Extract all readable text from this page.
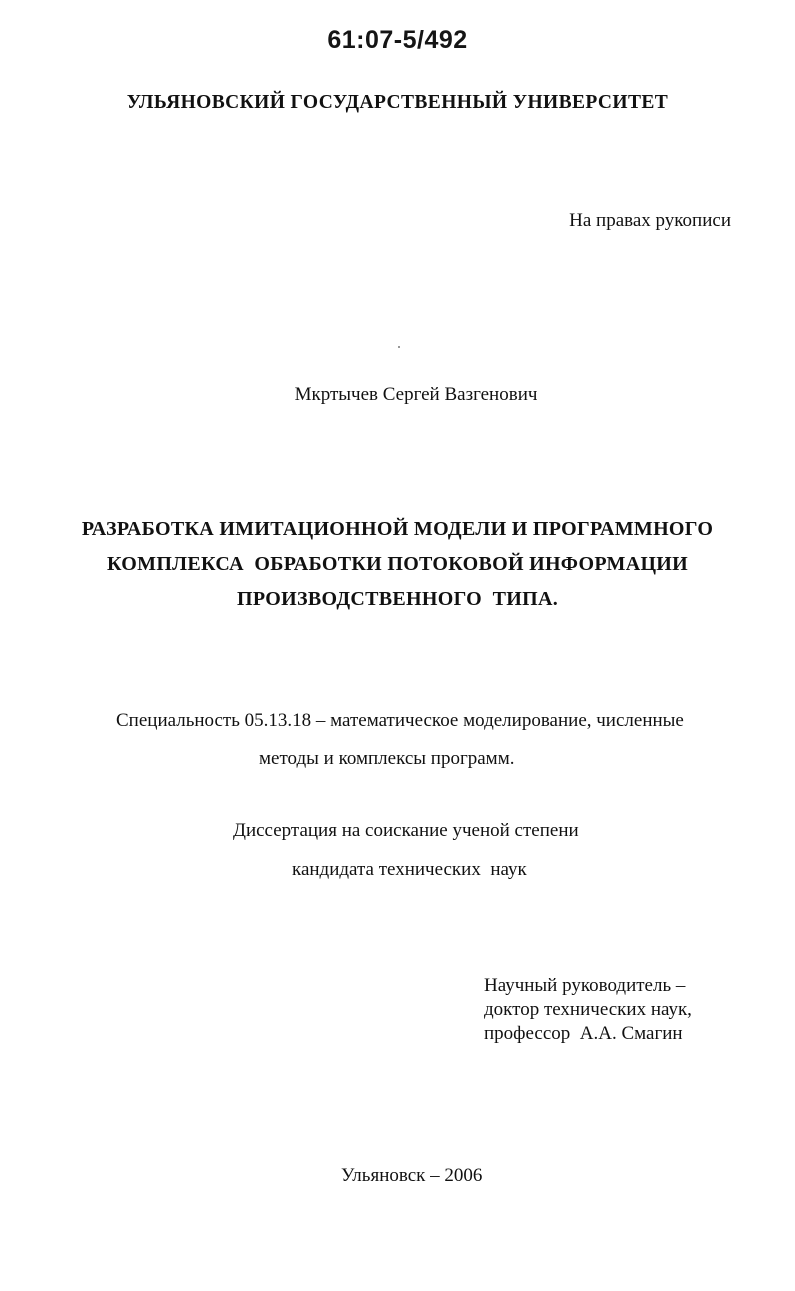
61:07-5/492
УЛЬЯНОВСКИЙ ГОСУДАРСТВЕННЫЙ УНИВЕРСИТЕТ
На правах рукописи
Мкртычев Сергей Вазгенович
РАЗРАБОТКА ИМИТАЦИОННОЙ МОДЕЛИ И ПРОГРАММНОГО
КОМПЛЕКСА  ОБРАБОТКИ ПОТОКОВОЙ ИНФОРМАЦИИ
ПРОИЗВОДСТВЕННОГО  ТИПА.
Специальность 05.13.18 – математическое моделирование, численные
методы и комплексы программ.
Диссертация на соискание ученой степени
кандидата технических  наук
Научный руководитель –
доктор технических наук,
профессор  А.А. Смагин
Ульяновск – 2006
